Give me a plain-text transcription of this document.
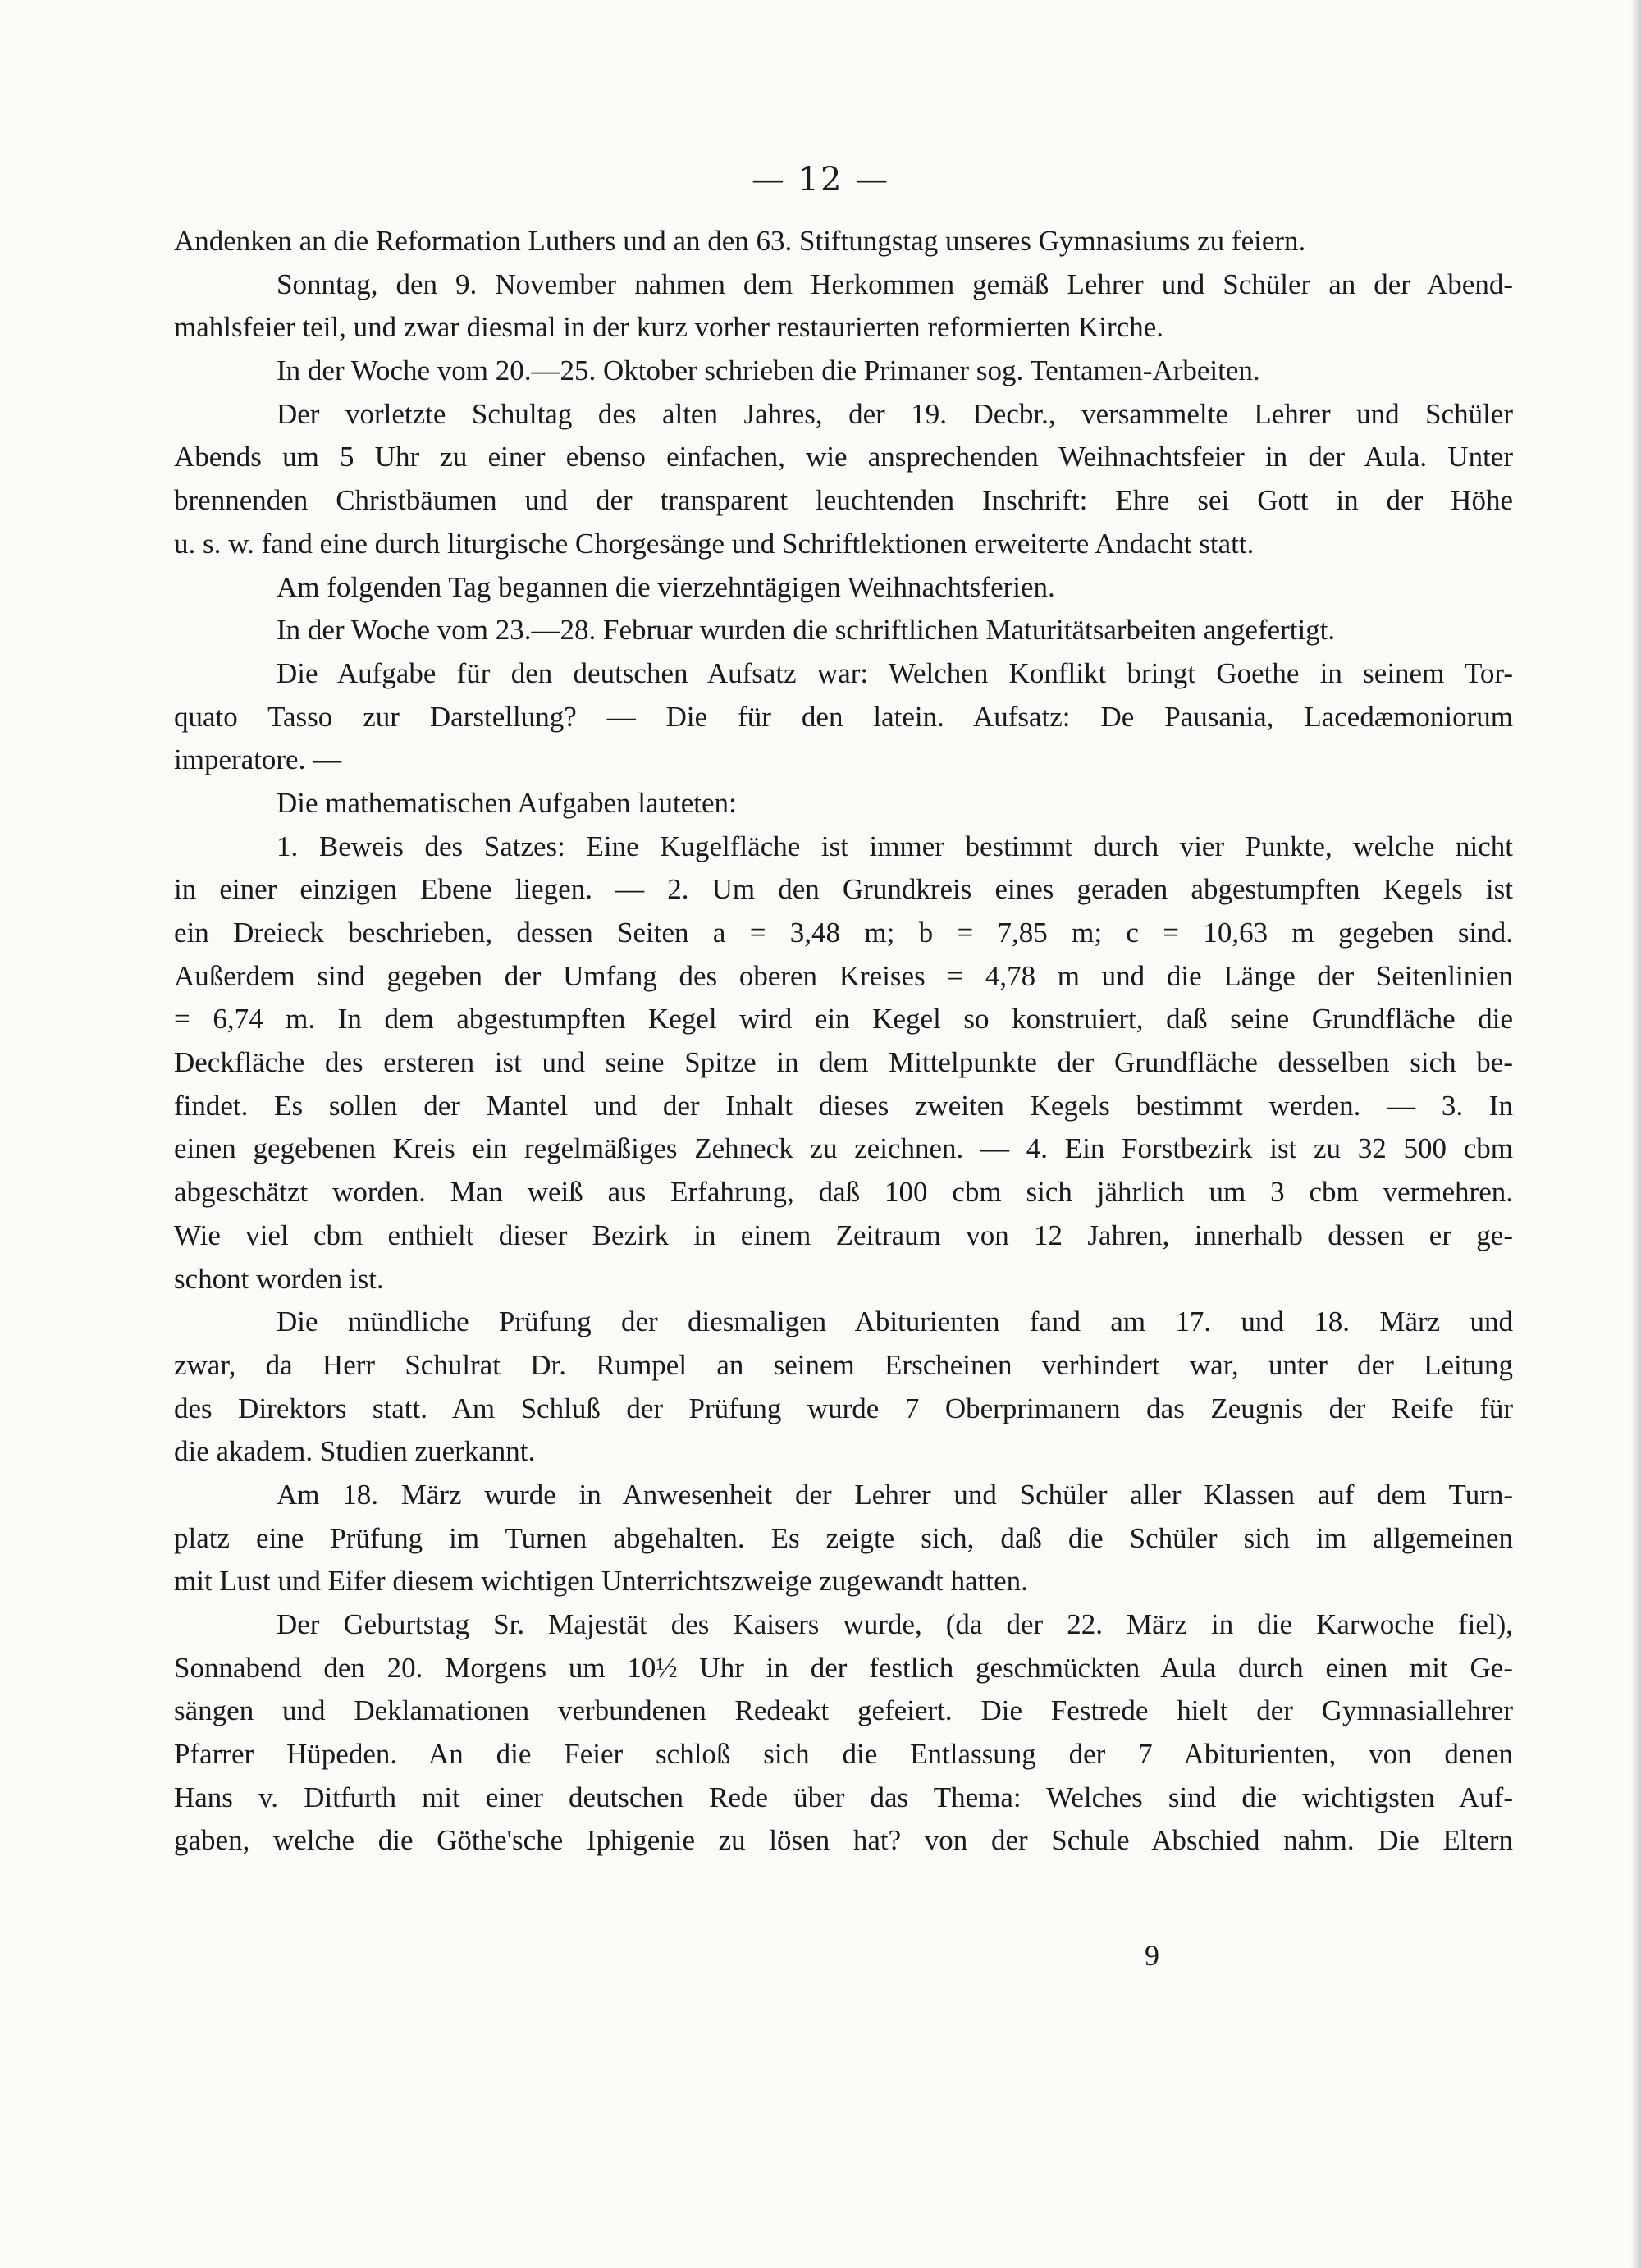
— 12 —
Andenken an die Reformation Luthers und an den 63. Stiftungstag unseres Gymnasiums zu feiern.
Sonntag, den 9. November nahmen dem Herkommen gemäß Lehrer und Schüler an der Abend-
mahlsfeier teil, und zwar diesmal in der kurz vorher restaurierten reformierten Kirche.
In der Woche vom 20.—25. Oktober schrieben die Primaner sog. Tentamen-Arbeiten.
Der vorletzte Schultag des alten Jahres, der 19. Decbr., versammelte Lehrer und Schüler
Abends um 5 Uhr zu einer ebenso einfachen, wie ansprechenden Weihnachtsfeier in der Aula. Unter
brennenden Christbäumen und der transparent leuchtenden Inschrift: Ehre sei Gott in der Höhe
u. s. w. fand eine durch liturgische Chorgesänge und Schriftlektionen erweiterte Andacht statt.
Am folgenden Tag begannen die vierzehntägigen Weihnachtsferien.
In der Woche vom 23.—28. Februar wurden die schriftlichen Maturitätsarbeiten angefertigt.
Die Aufgabe für den deutschen Aufsatz war: Welchen Konflikt bringt Goethe in seinem Tor-
quato Tasso zur Darstellung? — Die für den latein. Aufsatz: De Pausania, Lacedæmoniorum
imperatore. —
Die mathematischen Aufgaben lauteten:
1. Beweis des Satzes: Eine Kugelfläche ist immer bestimmt durch vier Punkte, welche nicht
in einer einzigen Ebene liegen. — 2. Um den Grundkreis eines geraden abgestumpften Kegels ist
ein Dreieck beschrieben, dessen Seiten a = 3,48 m; b = 7,85 m; c = 10,63 m gegeben sind.
Außerdem sind gegeben der Umfang des oberen Kreises = 4,78 m und die Länge der Seitenlinien
= 6,74 m. In dem abgestumpften Kegel wird ein Kegel so konstruiert, daß seine Grundfläche die
Deckfläche des ersteren ist und seine Spitze in dem Mittelpunkte der Grundfläche desselben sich be-
findet. Es sollen der Mantel und der Inhalt dieses zweiten Kegels bestimmt werden. — 3. In
einen gegebenen Kreis ein regelmäßiges Zehneck zu zeichnen. — 4. Ein Forstbezirk ist zu 32 500 cbm
abgeschätzt worden. Man weiß aus Erfahrung, daß 100 cbm sich jährlich um 3 cbm vermehren.
Wie viel cbm enthielt dieser Bezirk in einem Zeitraum von 12 Jahren, innerhalb dessen er ge-
schont worden ist.
Die mündliche Prüfung der diesmaligen Abiturienten fand am 17. und 18. März und
zwar, da Herr Schulrat Dr. Rumpel an seinem Erscheinen verhindert war, unter der Leitung
des Direktors statt. Am Schluß der Prüfung wurde 7 Oberprimanern das Zeugnis der Reife für
die akadem. Studien zuerkannt.
Am 18. März wurde in Anwesenheit der Lehrer und Schüler aller Klassen auf dem Turn-
platz eine Prüfung im Turnen abgehalten. Es zeigte sich, daß die Schüler sich im allgemeinen
mit Lust und Eifer diesem wichtigen Unterrichtszweige zugewandt hatten.
Der Geburtstag Sr. Majestät des Kaisers wurde, (da der 22. März in die Karwoche fiel),
Sonnabend den 20. Morgens um 10½ Uhr in der festlich geschmückten Aula durch einen mit Ge-
sängen und Deklamationen verbundenen Redeakt gefeiert. Die Festrede hielt der Gymnasiallehrer
Pfarrer Hüpeden. An die Feier schloß sich die Entlassung der 7 Abiturienten, von denen
Hans v. Ditfurth mit einer deutschen Rede über das Thema: Welches sind die wichtigsten Auf-
gaben, welche die Göthe'sche Iphigenie zu lösen hat? von der Schule Abschied nahm. Die Eltern
9
